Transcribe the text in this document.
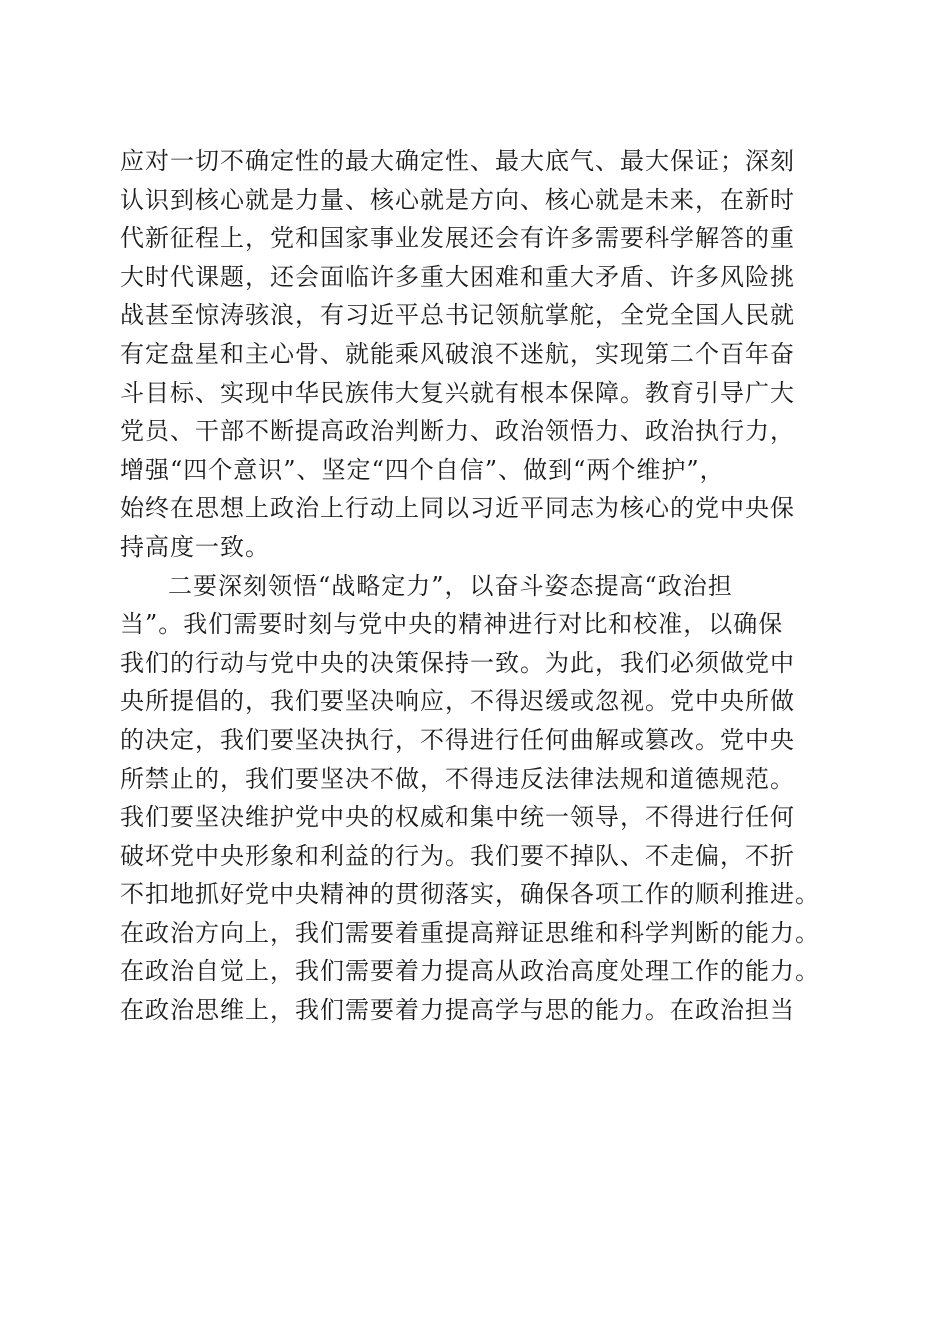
应对一切不确定性的最大确定性、最大底气、最大保证；深刻
认识到核心就是力量、核心就是方向、核心就是未来，在新时
代新征程上，党和国家事业发展还会有许多需要科学解答的重
大时代课题，还会面临许多重大困难和重大矛盾、许多风险挑
战甚至惊涛骇浪，有习近平总书记领航掌舵，全党全国人民就
有定盘星和主心骨、就能乘风破浪不迷航，实现第二个百年奋
斗目标、实现中华民族伟大复兴就有根本保障。教育引导广大
党员、干部不断提高政治判断力、政治领悟力、政治执行力，
增强“四个意识”、坚定“四个自信”、做到“两个维护”，
始终在思想上政治上行动上同以习近平同志为核心的党中央保
持高度一致。
二要深刻领悟“战略定力”，以奋斗姿态提高“政治担
当”。我们需要时刻与党中央的精神进行对比和校准，以确保
我们的行动与党中央的决策保持一致。为此，我们必须做党中
央所提倡的，我们要坚决响应，不得迟缓或忽视。党中央所做
的决定，我们要坚决执行，不得进行任何曲解或篡改。党中央
所禁止的，我们要坚决不做，不得违反法律法规和道德规范。
我们要坚决维护党中央的权威和集中统一领导，不得进行任何
破坏党中央形象和利益的行为。我们要不掉队、不走偏，不折
不扣地抓好党中央精神的贯彻落实，确保各项工作的顺利推进。
在政治方向上，我们需要着重提高辩证思维和科学判断的能力。
在政治自觉上，我们需要着力提高从政治高度处理工作的能力。
在政治思维上，我们需要着力提高学与思的能力。在政治担当
